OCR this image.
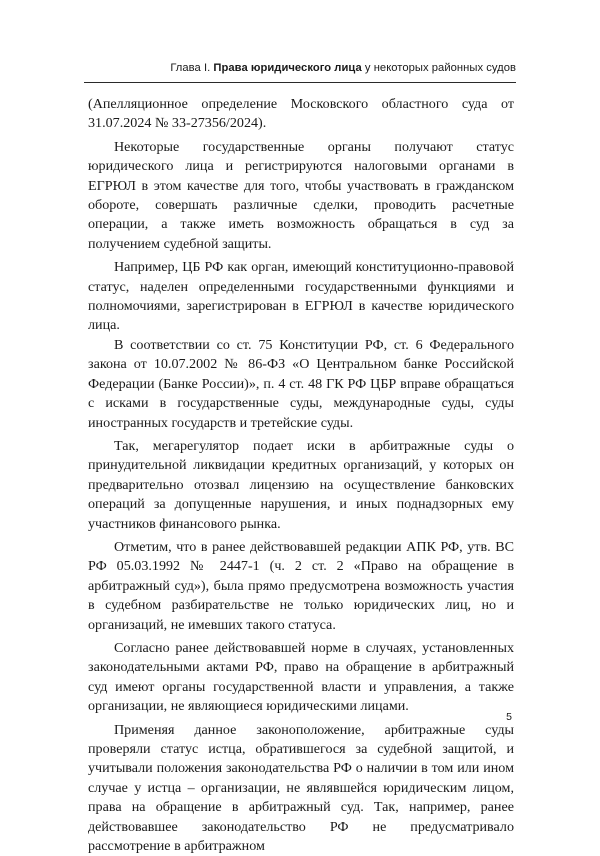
Глава I. Права юридического лица у некоторых районных судов

(Апелляционное определение Московского областного суда от 31.07.2024 № 33-27356/2024).

Некоторые государственные органы получают статус юридического лица и регистрируются налоговыми органами в ЕГРЮЛ в этом качестве для того, чтобы участвовать в гражданском обороте, совершать различные сделки, проводить расчетные операции, а также иметь возможность обращаться в суд за получением судебной защиты.

Например, ЦБ РФ как орган, имеющий конституционно-правовой статус, наделен определенными государственными функциями и полномочиями, зарегистрирован в ЕГРЮЛ в качестве юридического лица.

В соответствии со ст. 75 Конституции РФ, ст. 6 Федерального закона от 10.07.2002 № 86-ФЗ «О Центральном банке Российской Федерации (Банке России)», п. 4 ст. 48 ГК РФ ЦБР вправе обращаться с исками в государственные суды, международные суды, суды иностранных государств и третейские суды.

Так, мегарегулятор подает иски в арбитражные суды о принудительной ликвидации кредитных организаций, у которых он предварительно отозвал лицензию на осуществление банковских операций за допущенные нарушения, и иных поднадзорных ему участников финансового рынка.

Отметим, что в ранее действовавшей редакции АПК РФ, утв. ВС РФ 05.03.1992 № 2447-1 (ч. 2 ст. 2 «Право на обращение в арбитражный суд»), была прямо предусмотрена возможность участия в судебном разбирательстве не только юридических лиц, но и организаций, не имевших такого статуса.

Согласно ранее действовавшей норме в случаях, установленных законодательными актами РФ, право на обращение в арбитражный суд имеют органы государственной власти и управления, а также организации, не являющиеся юридическими лицами.

Применяя данное законоположение, арбитражные суды проверяли статус истца, обратившегося за судебной защитой, и учитывали положения законодательства РФ о наличии в том или ином случае у истца – организации, не являвшейся юридическим лицом, права на обращение в арбитражный суд. Так, например, ранее действовавшее законодательство РФ не предусматривало рассмотрение в арбитражном

5
